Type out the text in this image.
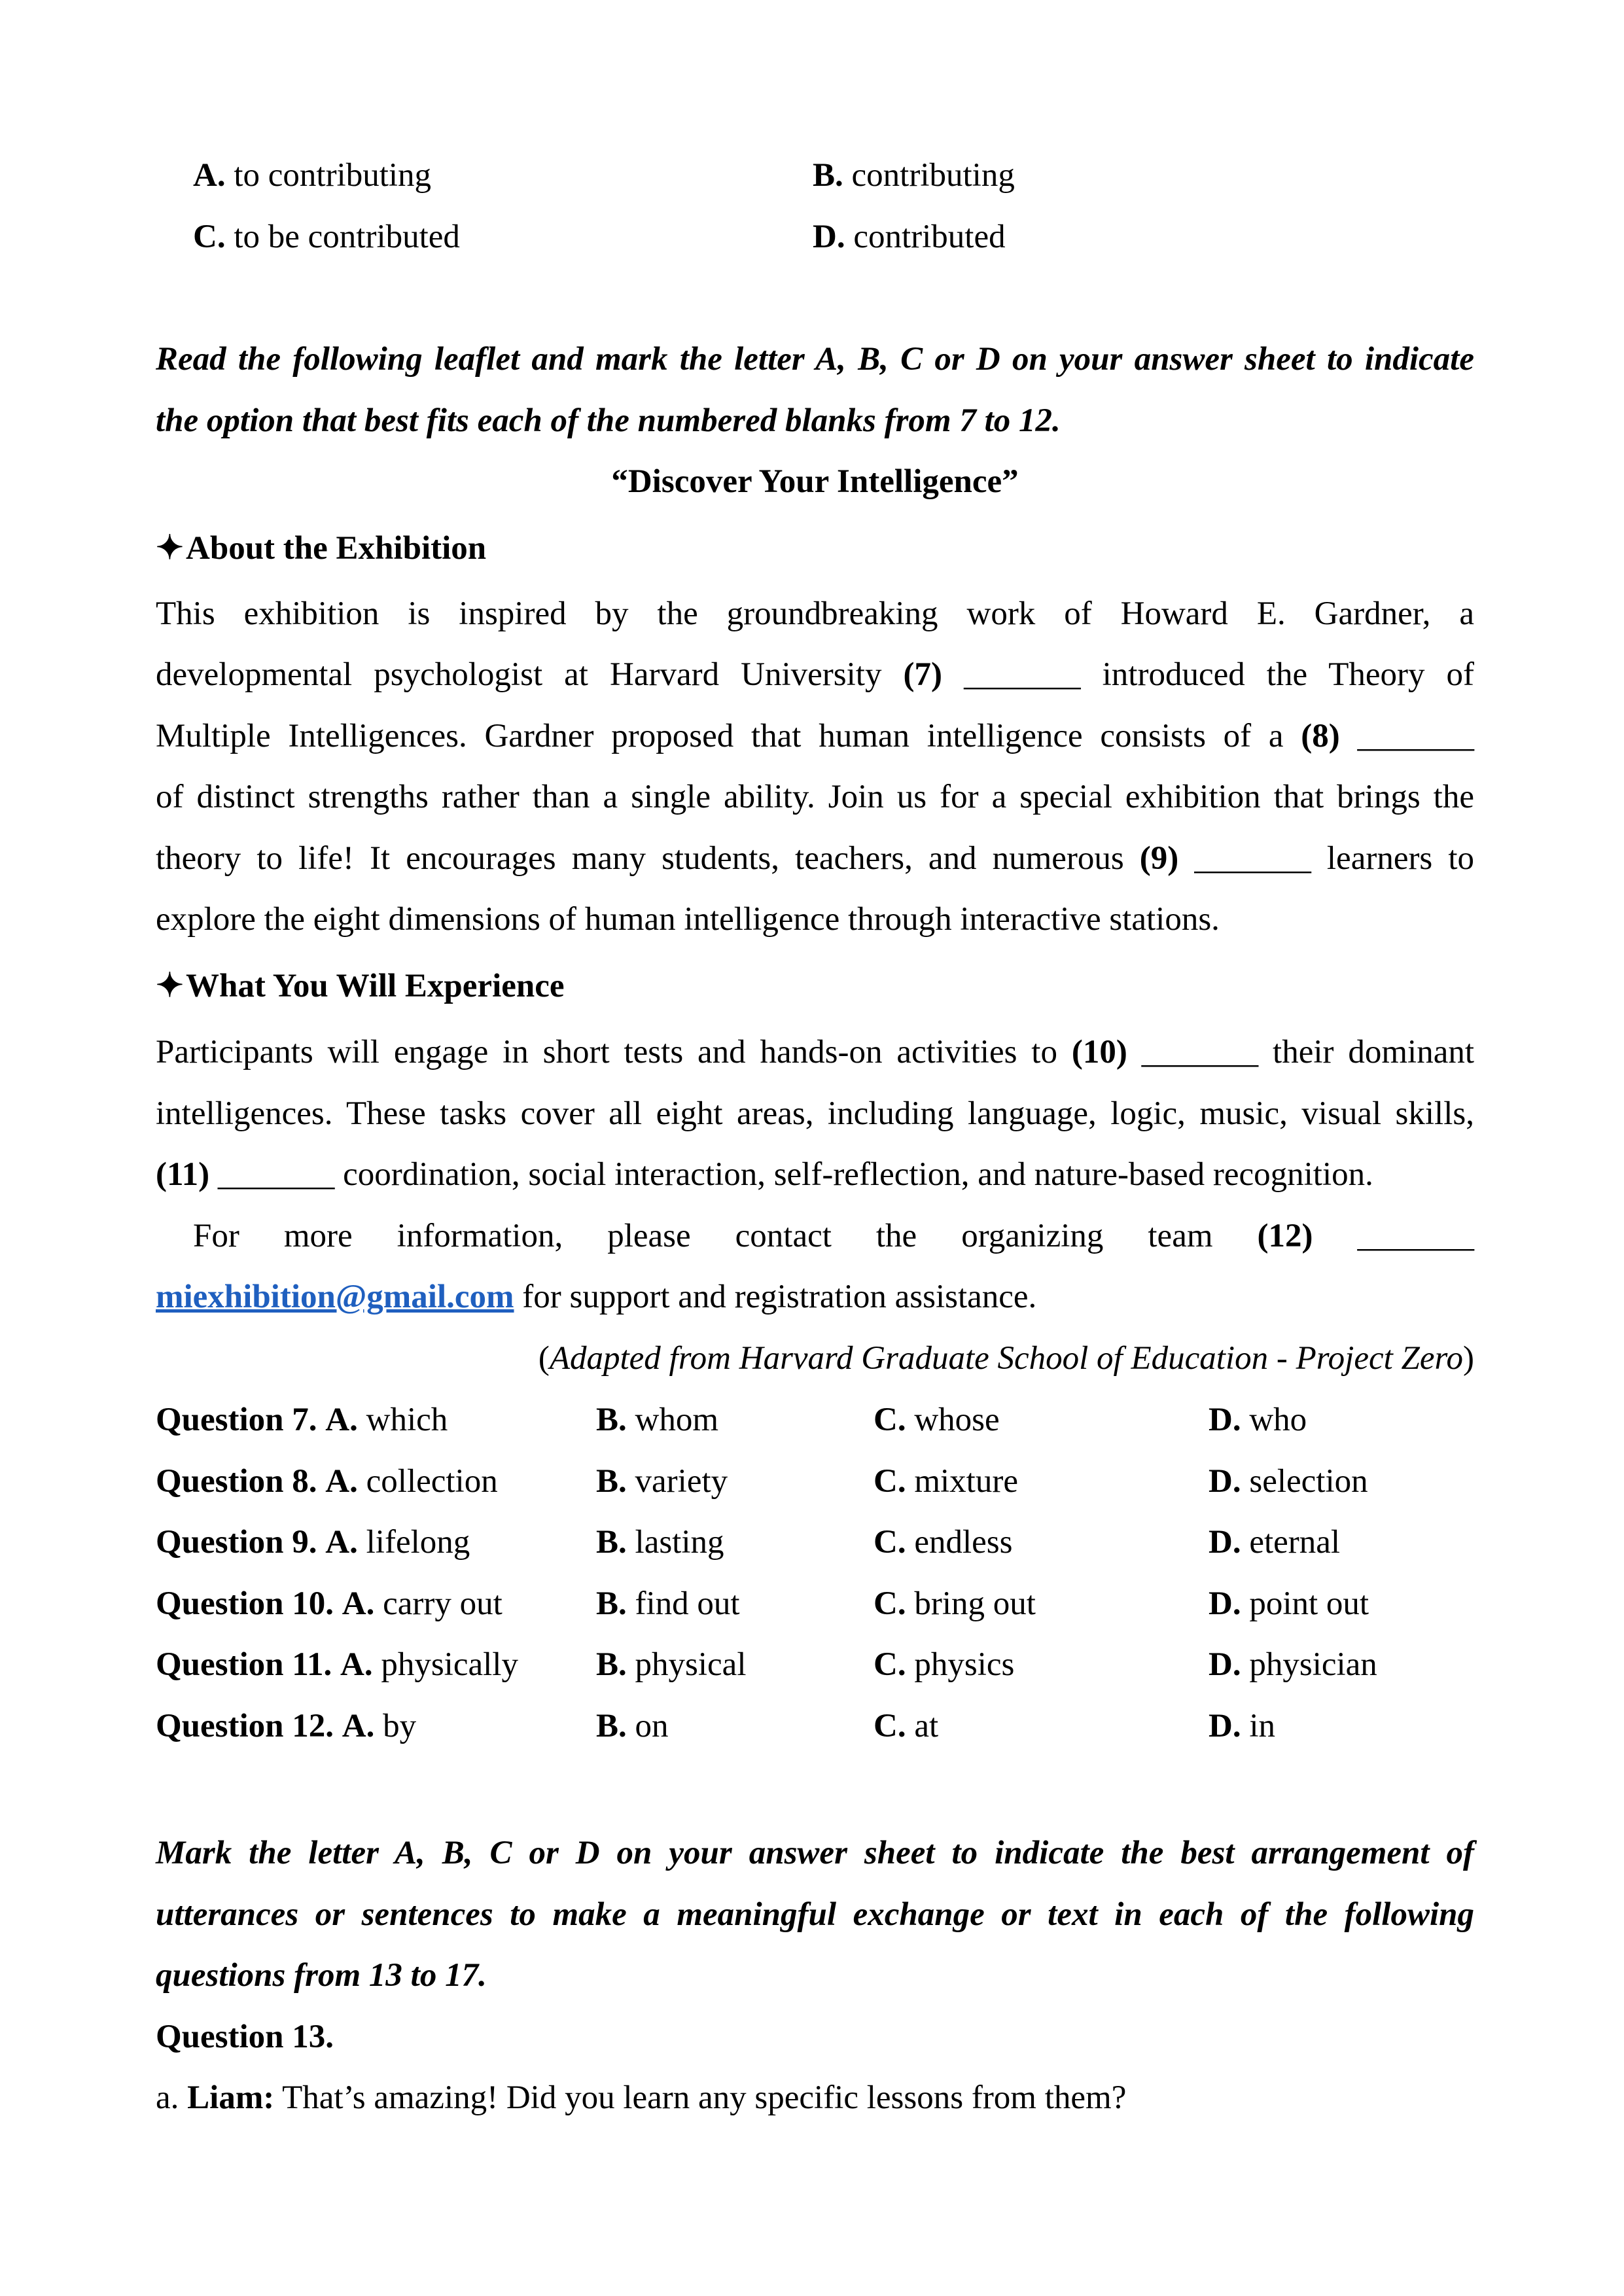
A. to contributing	B. contributing
C. to be contributed	D. contributed
Read the following leaflet and mark the letter A, B, C or D on your answer sheet to indicate
the option that best fits each of the numbered blanks from 7 to 12.
“Discover Your Intelligence”
✦About the Exhibition
This exhibition is inspired by the groundbreaking work of Howard E. Gardner, a
developmental psychologist at Harvard University (7) _______ introduced the Theory of
Multiple Intelligences. Gardner proposed that human intelligence consists of a (8) _______
of distinct strengths rather than a single ability. Join us for a special exhibition that brings the
theory to life! It encourages many students, teachers, and numerous (9) _______ learners to
explore the eight dimensions of human intelligence through interactive stations.
✦What You Will Experience
Participants will engage in short tests and hands-on activities to (10) _______ their dominant
intelligences. These tasks cover all eight areas, including language, logic, music, visual skills,
(11) _______ coordination, social interaction, self-reflection, and nature-based recognition.
For more information, please contact the organizing team (12) _______
miexhibition@gmail.com for support and registration assistance.
(Adapted from Harvard Graduate School of Education - Project Zero)
Question 7. A. which	B. whom	C. whose	D. who
Question 8. A. collection	B. variety	C. mixture	D. selection
Question 9. A. lifelong	B. lasting	C. endless	D. eternal
Question 10. A. carry out	B. find out	C. bring out	D. point out
Question 11. A. physically B. physical	C. physics	D. physician
Question 12. A. by	B. on	C. at	D. in
Mark the letter A, B, C or D on your answer sheet to indicate the best arrangement of
utterances or sentences to make a meaningful exchange or text in each of the following
questions from 13 to 17.
Question 13.
a. Liam: That’s amazing! Did you learn any specific lessons from them?
